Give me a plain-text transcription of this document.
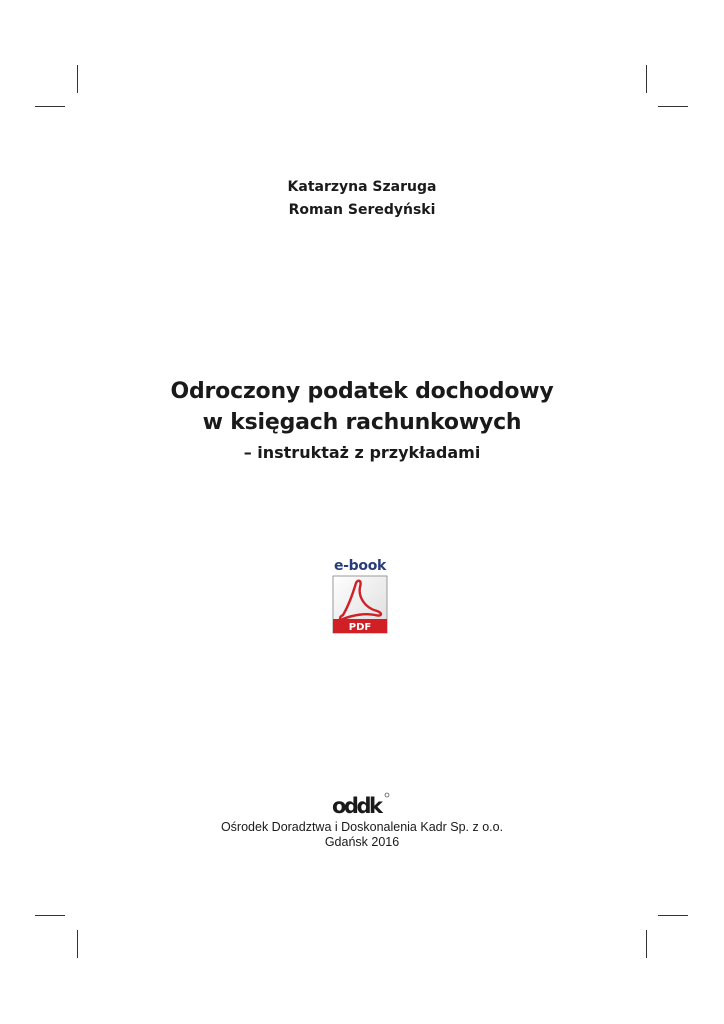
Katarzyna Szaruga
Roman Seredyński
Odroczony podatek dochodowy
w księgach rachunkowych
– instruktaż z przykładami
e-book
PDF
oddk
Ośrodek Doradztwa i Doskonalenia Kadr Sp. z o.o.
Gdańsk 2016
